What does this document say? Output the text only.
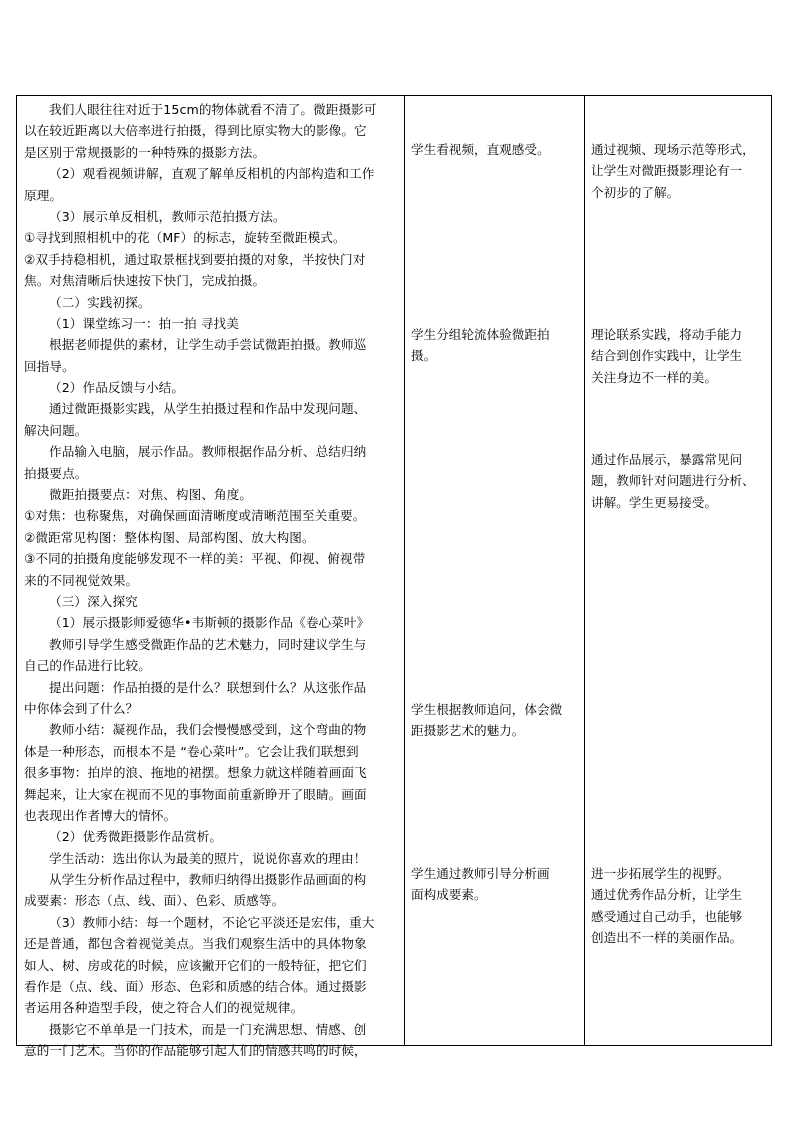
我们人眼往往对近于15cm的物体就看不清了。微距摄影可
以在较近距离以大倍率进行拍摄，得到比原实物大的影像。它
是区别于常规摄影的一种特殊的摄影方法。
（2）观看视频讲解，直观了解单反相机的内部构造和工作
原理。
（3）展示单反相机，教师示范拍摄方法。
①寻找到照相机中的花（MF）的标志，旋转至微距模式。
②双手持稳相机，通过取景框找到要拍摄的对象，半按快门对
焦。对焦清晰后快速按下快门，完成拍摄。
（二）实践初探。
（1）课堂练习一：拍一拍 寻找美
根据老师提供的素材，让学生动手尝试微距拍摄。教师巡
回指导。
（2）作品反馈与小结。
通过微距摄影实践，从学生拍摄过程和作品中发现问题、
解决问题。
作品输入电脑，展示作品。教师根据作品分析、总结归纳
拍摄要点。
微距拍摄要点：对焦、构图、角度。
①对焦：也称聚焦，对确保画面清晰度或清晰范围至关重要。
②微距常见构图：整体构图、局部构图、放大构图。
③不同的拍摄角度能够发现不一样的美：平视、仰视、俯视带
来的不同视觉效果。
（三）深入探究
（1）展示摄影师爱德华•韦斯顿的摄影作品《卷心菜叶》
教师引导学生感受微距作品的艺术魅力，同时建议学生与
自己的作品进行比较。
提出问题：作品拍摄的是什么？联想到什么？从这张作品
中你体会到了什么？
教师小结：凝视作品，我们会慢慢感受到，这个弯曲的物
体是一种形态，而根本不是 “卷心菜叶”。它会让我们联想到
很多事物：拍岸的浪、拖地的裙摆。想象力就这样随着画面飞
舞起来，让大家在视而不见的事物面前重新睁开了眼睛。画面
也表现出作者博大的情怀。
（2）优秀微距摄影作品赏析。
学生活动：选出你认为最美的照片，说说你喜欢的理由！
从学生分析作品过程中，教师归纳得出摄影作品画面的构
成要素：形态（点、线、面）、色彩、质感等。
（3）教师小结：每一个题材，不论它平淡还是宏伟，重大
还是普通，都包含着视觉美点。当我们观察生活中的具体物象
如人、树、房或花的时候，应该撇开它们的一般特征，把它们
看作是（点、线、面）形态、色彩和质感的结合体。通过摄影
者运用各种造型手段，使之符合人们的视觉规律。
摄影它不单单是一门技术，而是一门充满思想、情感、创
意的一门艺术。当你的作品能够引起人们的情感共鸣的时候，
学生看视频，直观感受。
学生分组轮流体验微距拍
摄。
学生根据教师追问，体会微
距摄影艺术的魅力。
学生通过教师引导分析画
面构成要素。
通过视频、现场示范等形式，
让学生对微距摄影理论有一
个初步的了解。
理论联系实践，将动手能力
结合到创作实践中，让学生
关注身边不一样的美。
通过作品展示，暴露常见问
题，教师针对问题进行分析、
讲解。学生更易接受。
进一步拓展学生的视野。
通过优秀作品分析，让学生
感受通过自己动手，也能够
创造出不一样的美丽作品。
